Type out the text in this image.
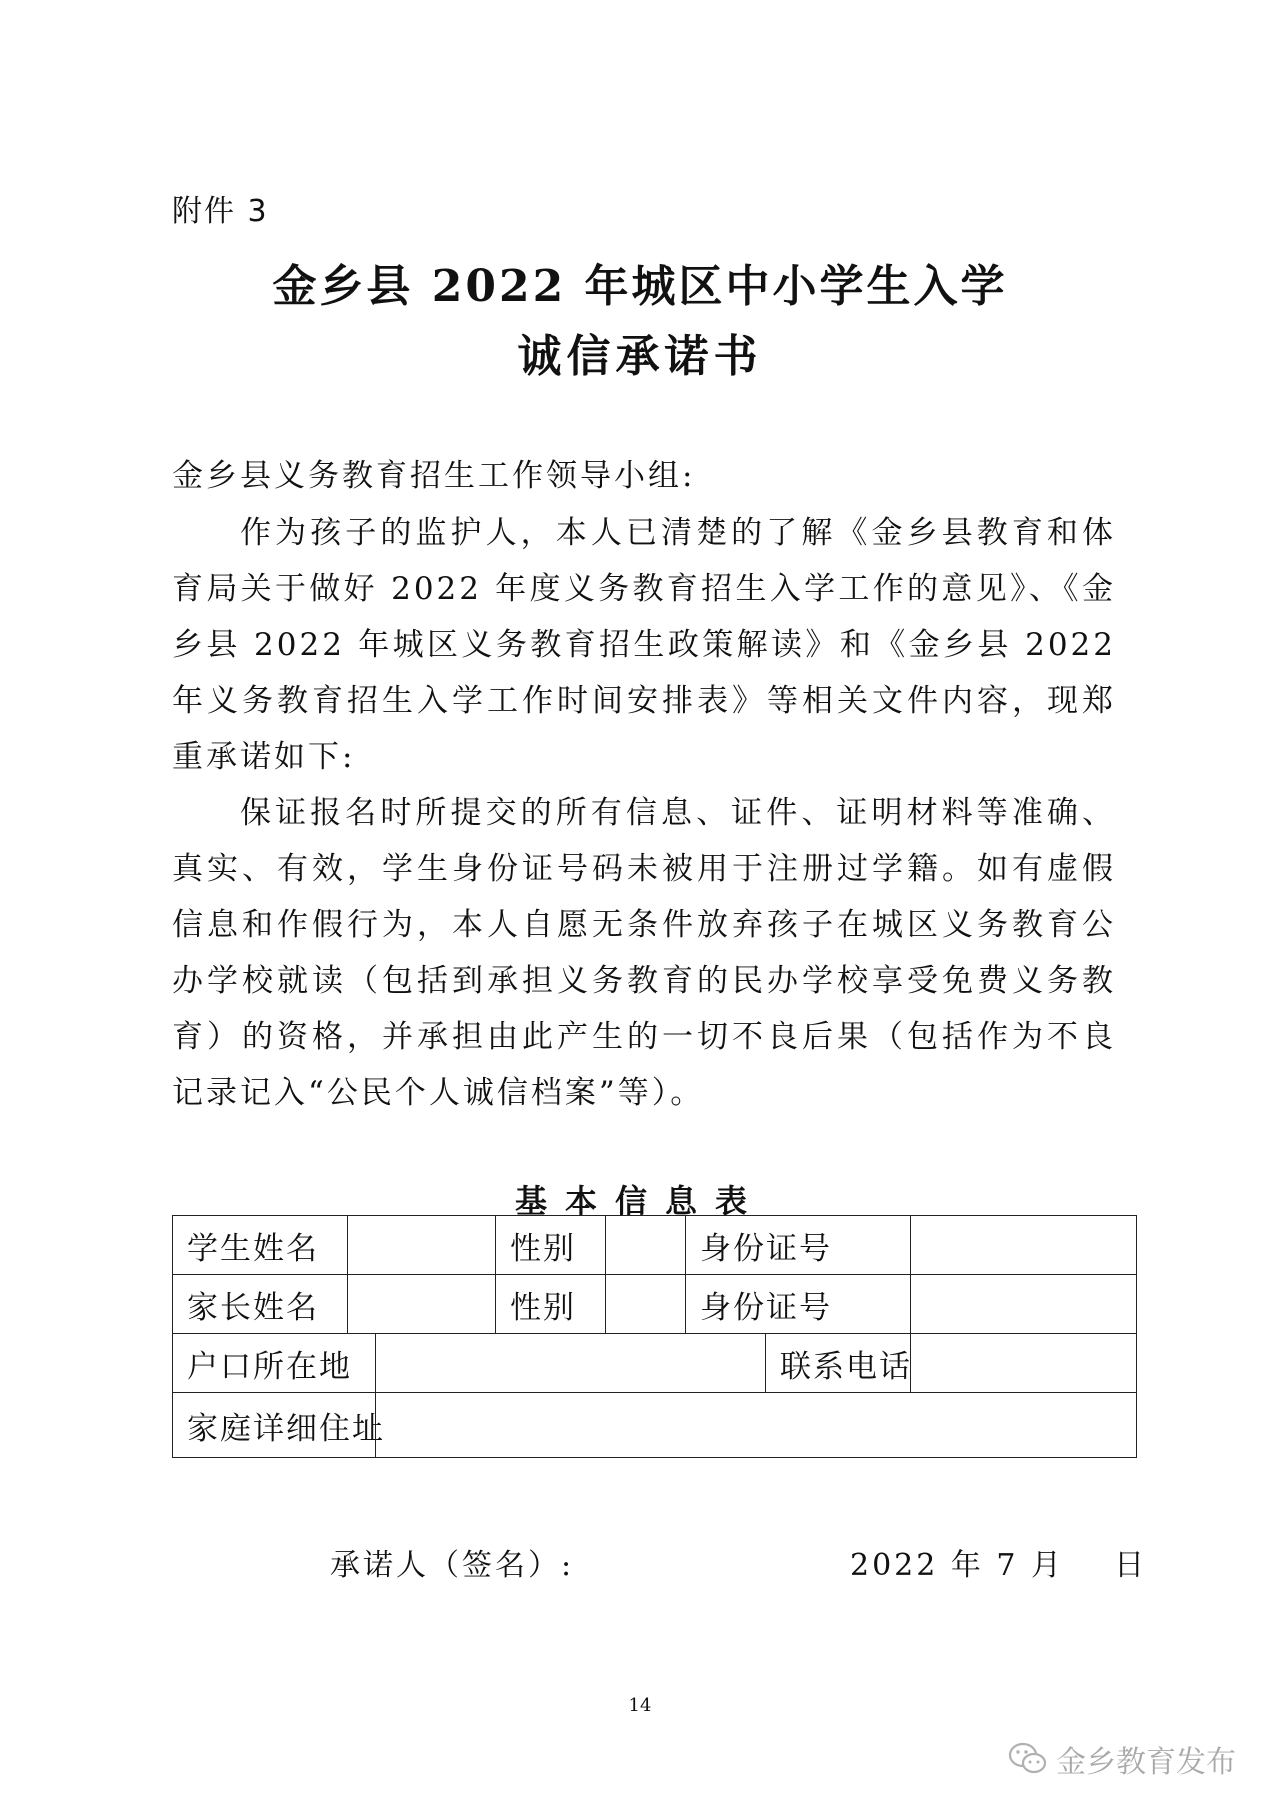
附件 3
金乡县 2022 年城区中小学生入学
诚信承诺书
金乡县义务教育招生工作领导小组:
作为孩子的监护人，本人已清楚的了解《金乡县教育和体育局关于做好 2022 年度义务教育招生入学工作的意见》、《金乡县 2022 年城区义务教育招生政策解读》和《金乡县 2022 年义务教育招生入学工作时间安排表》等相关文件内容，现郑重承诺如下:
保证报名时所提交的所有信息、证件、证明材料等准确、真实、有效，学生身份证号码未被用于注册过学籍。如有虚假信息和作假行为，本人自愿无条件放弃孩子在城区义务教育公办学校就读（包括到承担义务教育的民办学校享受免费义务教育）的资格，并承担由此产生的一切不良后果（包括作为不良记录记入“公民个人诚信档案”等）。
基本信息表
学生姓名			性别		身份证号		
家长姓名			性别		身份证号		
户口所在地						联系电话	
家庭详细住址							
承诺人（签名）:	2022 年 7 月    日
14
金乡教育发布
